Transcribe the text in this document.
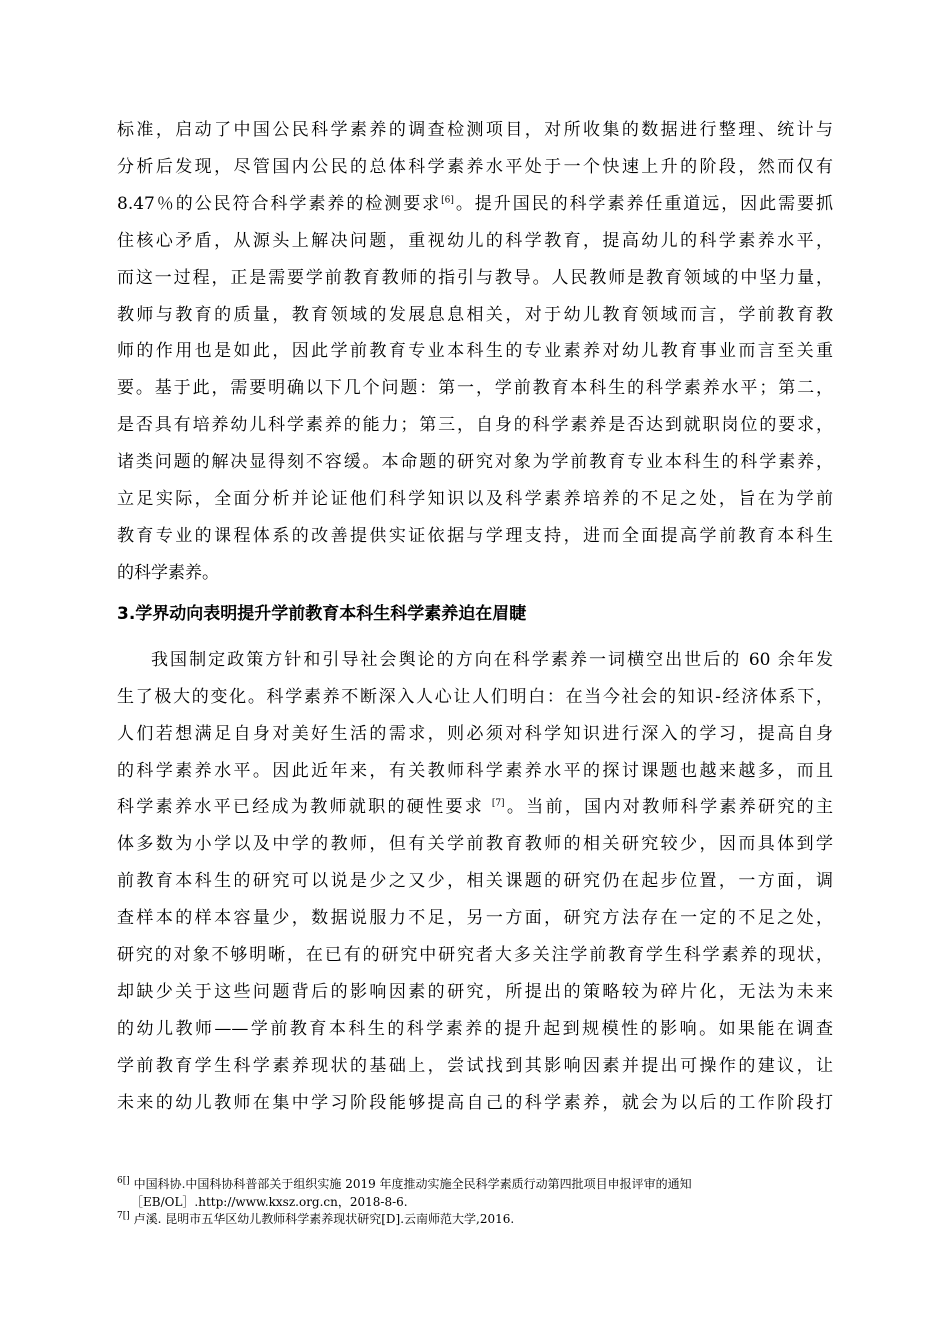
标准，启动了中国公民科学素养的调查检测项目，对所收集的数据进行整理、统计与
分析后发现，尽管国内公民的总体科学素养水平处于一个快速上升的阶段，然而仅有
8.47％的公民符合科学素养的检测要求[6]。提升国民的科学素养任重道远，因此需要抓
住核心矛盾，从源头上解决问题，重视幼儿的科学教育，提高幼儿的科学素养水平，
而这一过程，正是需要学前教育教师的指引与教导。人民教师是教育领域的中坚力量，
教师与教育的质量，教育领域的发展息息相关，对于幼儿教育领域而言，学前教育教
师的作用也是如此，因此学前教育专业本科生的专业素养对幼儿教育事业而言至关重
要。基于此，需要明确以下几个问题：第一，学前教育本科生的科学素养水平；第二，
是否具有培养幼儿科学素养的能力；第三，自身的科学素养是否达到就职岗位的要求，
诸类问题的解决显得刻不容缓。本命题的研究对象为学前教育专业本科生的科学素养，
立足实际，全面分析并论证他们科学知识以及科学素养培养的不足之处，旨在为学前
教育专业的课程体系的改善提供实证依据与学理支持，进而全面提高学前教育本科生
的科学素养。
3.学界动向表明提升学前教育本科生科学素养迫在眉睫
我国制定政策方针和引导社会舆论的方向在科学素养一词横空出世后的 60 余年发
生了极大的变化。科学素养不断深入人心让人们明白：在当今社会的知识-经济体系下，
人们若想满足自身对美好生活的需求，则必须对科学知识进行深入的学习，提高自身
的科学素养水平。因此近年来，有关教师科学素养水平的探讨课题也越来越多，而且
科学素养水平已经成为教师就职的硬性要求 [7]。当前，国内对教师科学素养研究的主
体多数为小学以及中学的教师，但有关学前教育教师的相关研究较少，因而具体到学
前教育本科生的研究可以说是少之又少，相关课题的研究仍在起步位置，一方面，调
查样本的样本容量少，数据说服力不足，另一方面，研究方法存在一定的不足之处，
研究的对象不够明晰，在已有的研究中研究者大多关注学前教育学生科学素养的现状，
却缺少关于这些问题背后的影响因素的研究，所提出的策略较为碎片化，无法为未来
的幼儿教师——学前教育本科生的科学素养的提升起到规模性的影响。如果能在调查
学前教育学生科学素养现状的基础上，尝试找到其影响因素并提出可操作的建议，让
未来的幼儿教师在集中学习阶段能够提高自己的科学素养，就会为以后的工作阶段打
$^{6[]}$ 中国科协.中国科协科普部关于组织实施 2019 年度推动实施全民科学素质行动第四批项目申报评审的通知
［EB/OL］.http://www.kxsz.org.cn，2018-8-6.
$^{7[]}$ 卢溪. 昆明市五华区幼儿教师科学素养现状研究[D].云南师范大学,2016.
